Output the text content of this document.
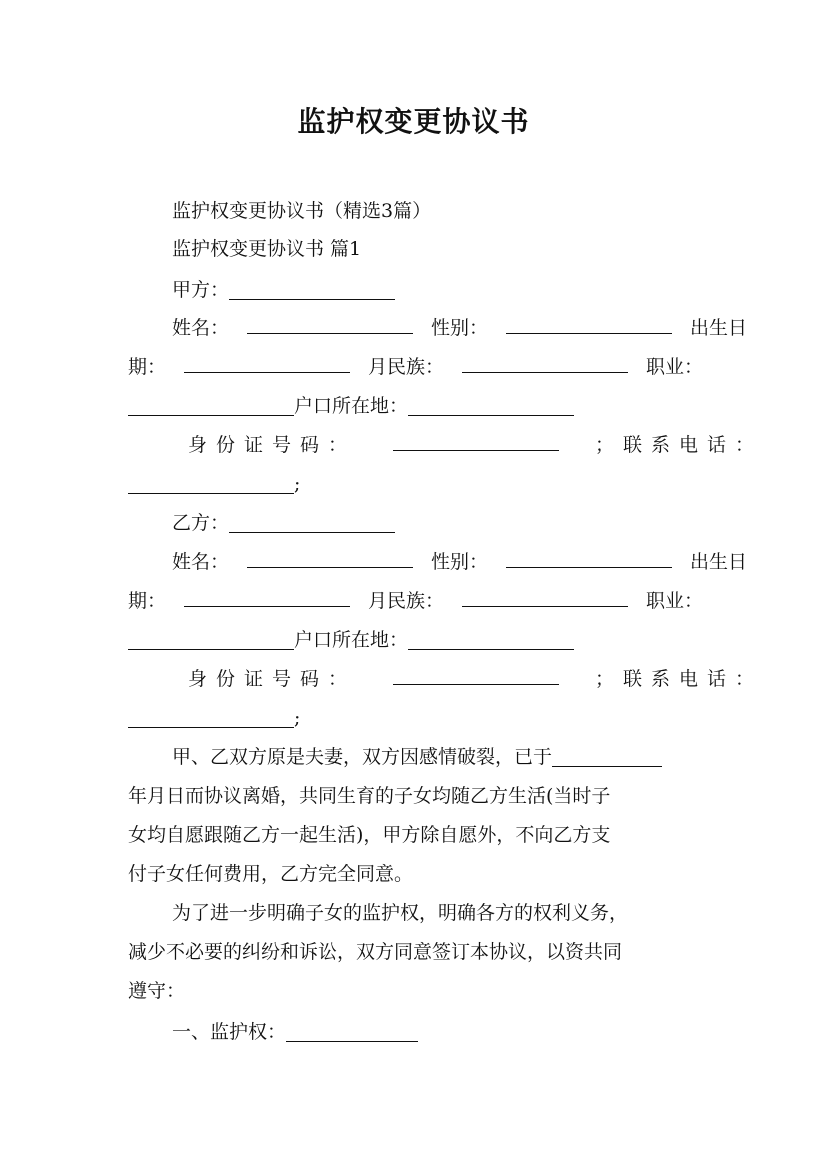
监护权变更协议书
监护权变更协议书（精选3篇）
监护权变更协议书 篇1
甲方：
姓名：	性别：	出生日
期：	月民族：	职业：
户口所在地：
身份证号码：	；联系电话：
;
乙方：
姓名：	性别：	出生日
期：	月民族：	职业：
户口所在地：
身份证号码：	；联系电话：
;
甲、乙双方原是夫妻，双方因感情破裂，已于
年月日而协议离婚，共同生育的子女均随乙方生活(当时子
女均自愿跟随乙方一起生活)，甲方除自愿外，不向乙方支
付子女任何费用，乙方完全同意。
为了进一步明确子女的监护权，明确各方的权利义务，
减少不必要的纠纷和诉讼，双方同意签订本协议，以资共同
遵守：
一、监护权：
